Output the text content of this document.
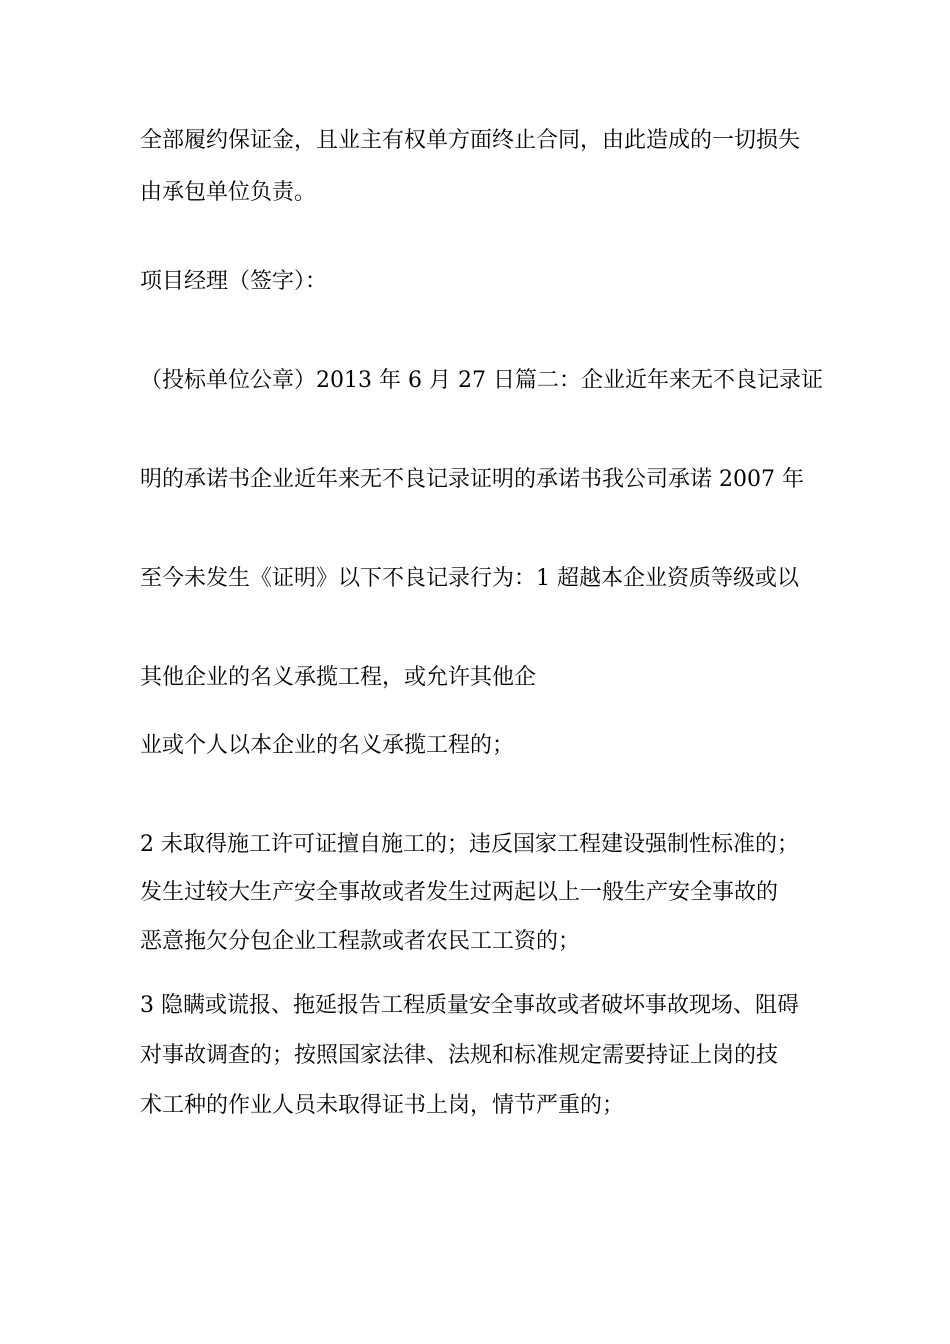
全部履约保证金，且业主有权单方面终止合同，由此造成的一切损失
由承包单位负责。
项目经理（签字）：
（投标单位公章）2013 年 6 月 27 日篇二：企业近年来无不良记录证
明的承诺书企业近年来无不良记录证明的承诺书我公司承诺 2007 年
至今未发生《证明》以下不良记录行为：1 超越本企业资质等级或以
其他企业的名义承揽工程，或允许其他企
业或个人以本企业的名义承揽工程的；
2 未取得施工许可证擅自施工的；违反国家工程建设强制性标准的；
发生过较大生产安全事故或者发生过两起以上一般生产安全事故的
恶意拖欠分包企业工程款或者农民工工资的；
3 隐瞒或谎报、拖延报告工程质量安全事故或者破坏事故现场、阻碍
对事故调查的；按照国家法律、法规和标准规定需要持证上岗的技
术工种的作业人员未取得证书上岗，情节严重的；
